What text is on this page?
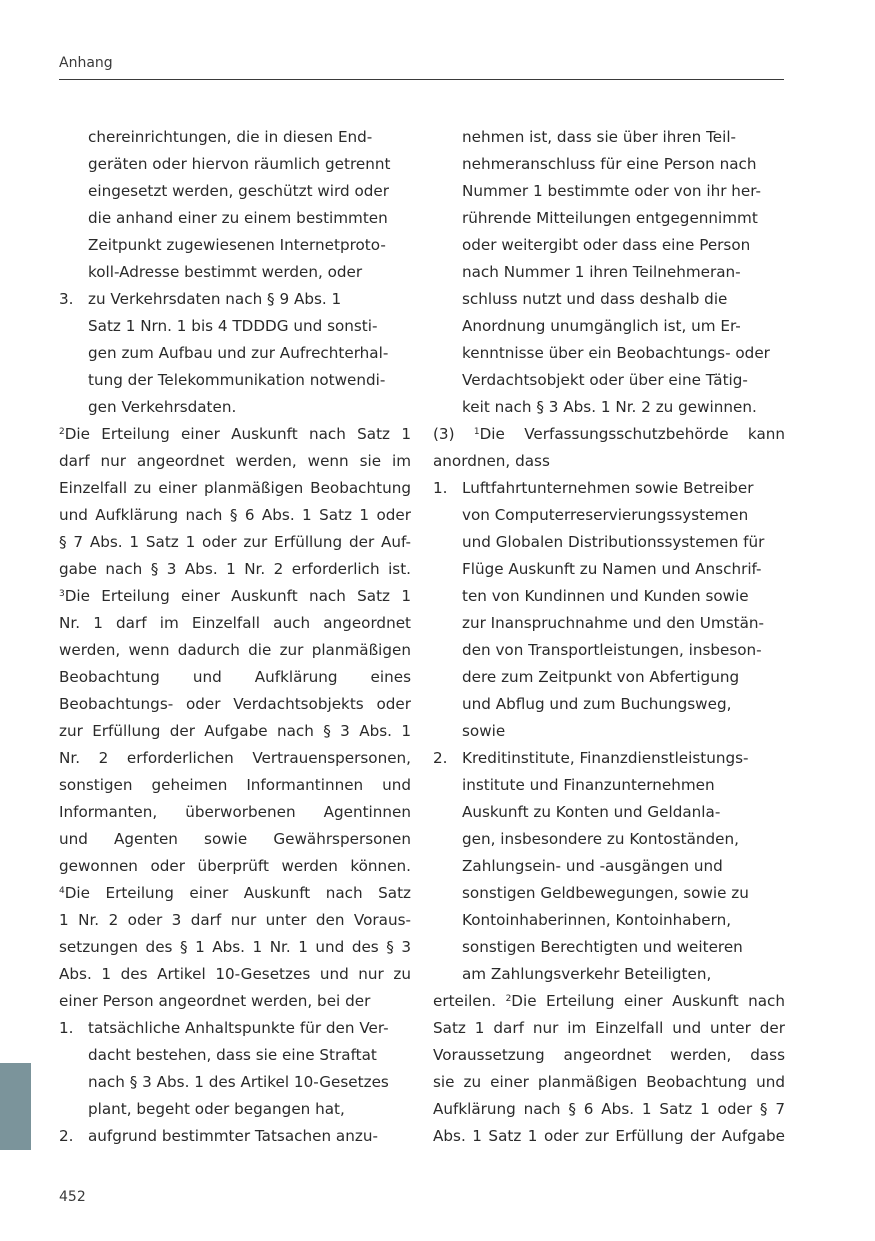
Anhang
chereinrichtungen, die in diesen End-
geräten oder hiervon räumlich getrennt
eingesetzt werden, geschützt wird oder
die anhand einer zu einem bestimmten
Zeitpunkt zugewiesenen Internetproto-
koll-Adresse bestimmt werden, oder
3. zu Verkehrsdaten nach § 9 Abs. 1
Satz 1 Nrn. 1 bis 4 TDDDG und sonsti-
gen zum Aufbau und zur Aufrechterhal-
tung der Telekommunikation notwendi-
gen Verkehrsdaten.
$^2$Die Erteilung einer Auskunft nach Satz 1
darf nur angeordnet werden, wenn sie im
Einzelfall zu einer planmäßigen Beobachtung
und Aufklärung nach § 6 Abs. 1 Satz 1 oder
§ 7 Abs. 1 Satz 1 oder zur Erfüllung der Auf-
gabe nach § 3 Abs. 1 Nr. 2 erforderlich ist.
$^3$Die Erteilung einer Auskunft nach Satz 1
Nr. 1 darf im Einzelfall auch angeordnet
werden, wenn dadurch die zur planmäßigen
Beobachtung und Aufklärung eines
Beobachtungs- oder Verdachtsobjekts oder
zur Erfüllung der Aufgabe nach § 3 Abs. 1
Nr. 2 erforderlichen Vertrauenspersonen,
sonstigen geheimen Informantinnen und
Informanten, überworbenen Agentinnen
und Agenten sowie Gewährspersonen
gewonnen oder überprüft werden können.
$^4$Die Erteilung einer Auskunft nach Satz
1 Nr. 2 oder 3 darf nur unter den Voraus-
setzungen des § 1 Abs. 1 Nr. 1 und des § 3
Abs. 1 des Artikel 10-Gesetzes und nur zu
einer Person angeordnet werden, bei der
1. tatsächliche Anhaltspunkte für den Ver-
dacht bestehen, dass sie eine Straftat
nach § 3 Abs. 1 des Artikel 10-Gesetzes
plant, begeht oder begangen hat,
2. aufgrund bestimmter Tatsachen anzu-
nehmen ist, dass sie über ihren Teil-
nehmeranschluss für eine Person nach
Nummer 1 bestimmte oder von ihr her-
rührende Mitteilungen entgegennimmt
oder weitergibt oder dass eine Person
nach Nummer 1 ihren Teilnehmeran-
schluss nutzt und dass deshalb die
Anordnung unumgänglich ist, um Er-
kenntnisse über ein Beobachtungs- oder
Verdachtsobjekt oder über eine Tätig-
keit nach § 3 Abs. 1 Nr. 2 zu gewinnen.
(3) $^1$Die Verfassungsschutzbehörde kann
anordnen, dass
1. Luftfahrtunternehmen sowie Betreiber
von Computerreservierungssystemen
und Globalen Distributionssystemen für
Flüge Auskunft zu Namen und Anschrif-
ten von Kundinnen und Kunden sowie
zur Inanspruchnahme und den Umstän-
den von Transportleistungen, insbeson-
dere zum Zeitpunkt von Abfertigung
und Abflug und zum Buchungsweg,
sowie
2. Kreditinstitute, Finanzdienstleistungs-
institute und Finanzunternehmen
Auskunft zu Konten und Geldanla-
gen, insbesondere zu Kontoständen,
Zahlungsein- und -ausgängen und
sonstigen Geldbewegungen, sowie zu
Kontoinhaberinnen, Kontoinhabern,
sonstigen Berechtigten und weiteren
am Zahlungsverkehr Beteiligten,
erteilen. $^2$Die Erteilung einer Auskunft nach
Satz 1 darf nur im Einzelfall und unter der
Voraussetzung angeordnet werden, dass
sie zu einer planmäßigen Beobachtung und
Aufklärung nach § 6 Abs. 1 Satz 1 oder § 7
Abs. 1 Satz 1 oder zur Erfüllung der Aufgabe
452
